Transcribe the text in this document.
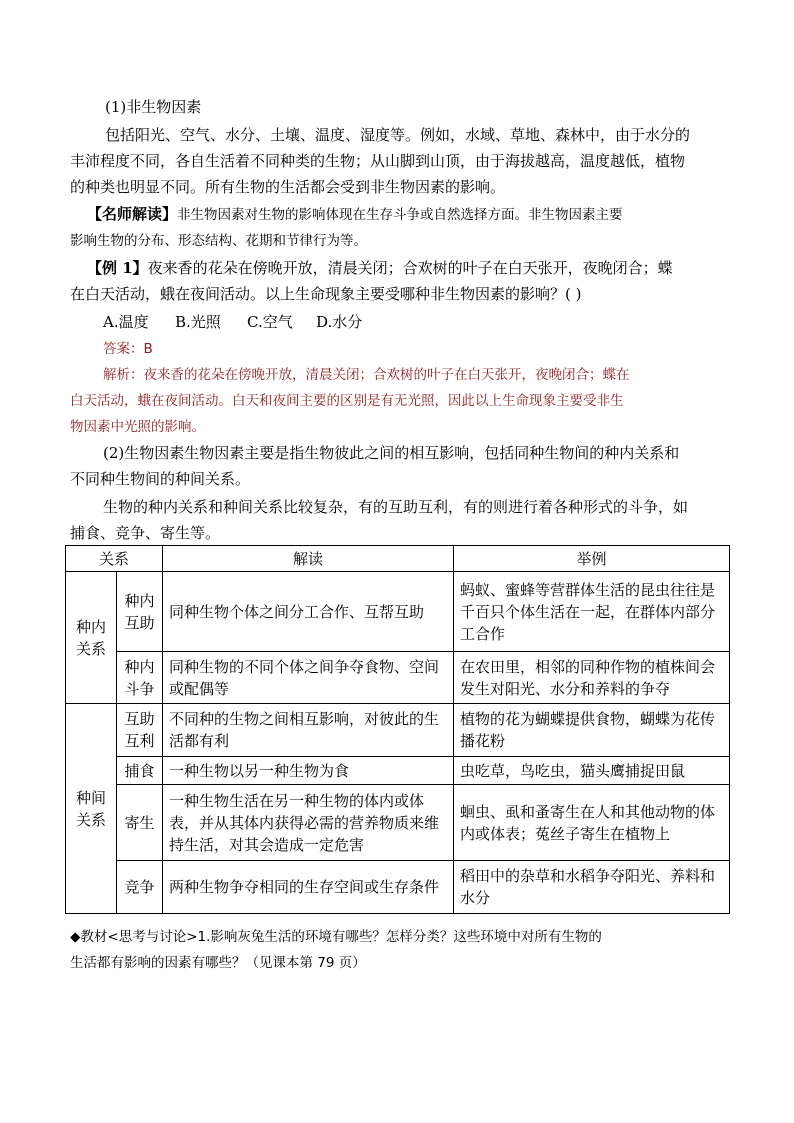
(1)非生物因素
包括阳光、空气、水分、土壤、温度、湿度等。例如，水域、草地、森林中，由于水分的
丰沛程度不同，各自生活着不同种类的生物；从山脚到山顶，由于海拔越高，温度越低，植物
的种类也明显不同。所有生物的生活都会受到非生物因素的影响。
【名师解读】非生物因素对生物的影响体现在生存斗争或自然选择方面。非生物因素主要
影响生物的分布、形态结构、花期和节律行为等。
【例 1】夜来香的花朵在傍晚开放，清晨关闭；合欢树的叶子在白天张开，夜晚闭合；蝶
在白天活动，蛾在夜间活动。以上生命现象主要受哪种非生物因素的影响？( )
A.温度 B.光照 C.空气 D.水分
答案：B
解析：夜来香的花朵在傍晚开放，清晨关闭；合欢树的叶子在白天张开，夜晚闭合；蝶在
白天活动，蛾在夜间活动。白天和夜间主要的区别是有无光照，因此以上生命现象主要受非生
物因素中光照的影响。
(2)生物因素生物因素主要是指生物彼此之间的相互影响，包括同种生物间的种内关系和
不同种生物间的种间关系。
生物的种内关系和种间关系比较复杂，有的互助互利，有的则进行着各种形式的斗争，如
捕食、竞争、寄生等。
关系		解读	举例
种内关系	种内互助	同种生物个体之间分工合作、互帮互助	蚂蚁、蜜蜂等营群体生活的昆虫往往是千百只个体生活在一起，在群体内部分工合作
	种内斗争	同种生物的不同个体之间争夺食物、空间或配偶等	在农田里，相邻的同种作物的植株间会发生对阳光、水分和养料的争夺
种间关系	互助互利	不同种的生物之间相互影响，对彼此的生活都有利	植物的花为蝴蝶提供食物，蝴蝶为花传播花粉
	捕食	一种生物以另一种生物为食	虫吃草，鸟吃虫，猫头鹰捕捉田鼠
	寄生	一种生物生活在另一种生物的体内或体表，并从其体内获得必需的营养物质来维持生活，对其会造成一定危害	蛔虫、虱和蚤寄生在人和其他动物的体内或体表；菟丝子寄生在植物上
	竞争	两种生物争夺相同的生存空间或生存条件	稻田中的杂草和水稻争夺阳光、养料和水分
◆教材<思考与讨论>1.影响灰兔生活的环境有哪些？怎样分类？这些环境中对所有生物的
生活都有影响的因素有哪些？（见课本第 79 页）
